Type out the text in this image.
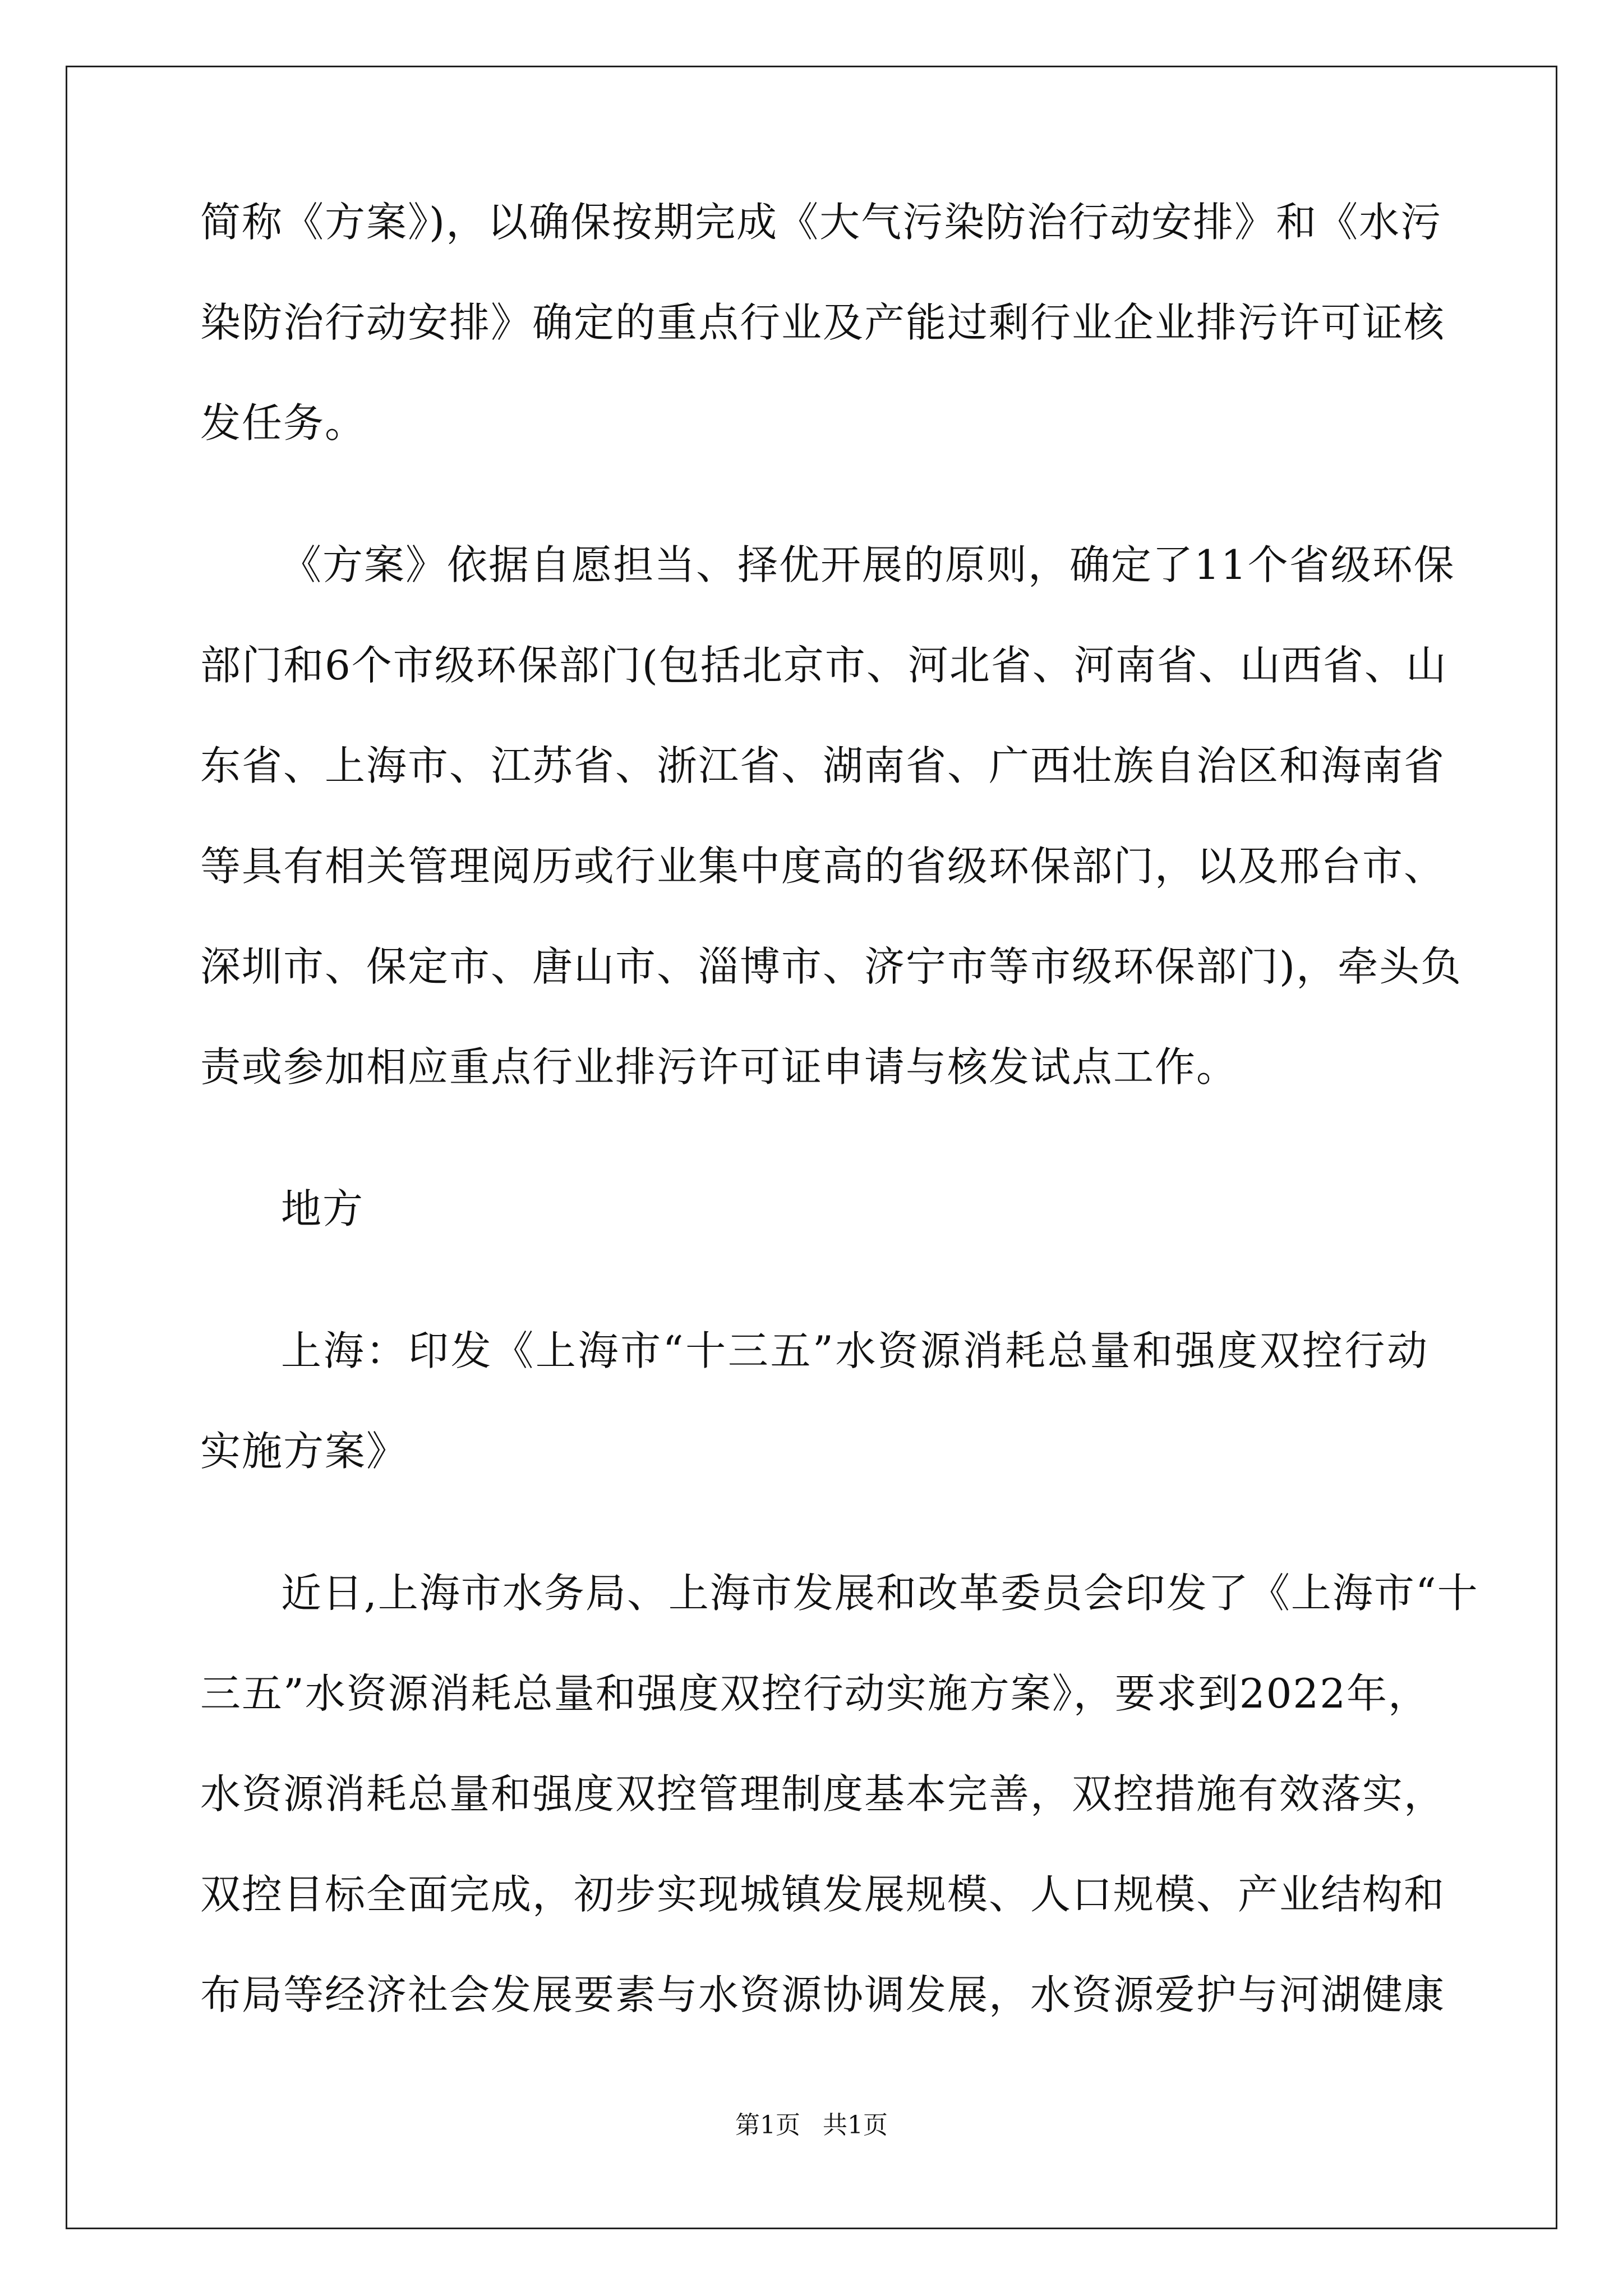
简称《方案》)，以确保按期完成《大气污染防治行动安排》和《水污
染防治行动安排》确定的重点行业及产能过剩行业企业排污许可证核
发任务。
《方案》依据自愿担当、择优开展的原则，确定了11个省级环保
部门和6个市级环保部门(包括北京市、河北省、河南省、山西省、山
东省、上海市、江苏省、浙江省、湖南省、广西壮族自治区和海南省
等具有相关管理阅历或行业集中度高的省级环保部门，以及邢台市、
深圳市、保定市、唐山市、淄博市、济宁市等市级环保部门)，牵头负
责或参加相应重点行业排污许可证申请与核发试点工作。
地方
上海：印发《上海市“十三五”水资源消耗总量和强度双控行动
实施方案》
近日,上海市水务局、上海市发展和改革委员会印发了《上海市“十
三五”水资源消耗总量和强度双控行动实施方案》，要求到2022年，
水资源消耗总量和强度双控管理制度基本完善，双控措施有效落实，
双控目标全面完成，初步实现城镇发展规模、人口规模、产业结构和
布局等经济社会发展要素与水资源协调发展，水资源爱护与河湖健康
第1页 共1页
